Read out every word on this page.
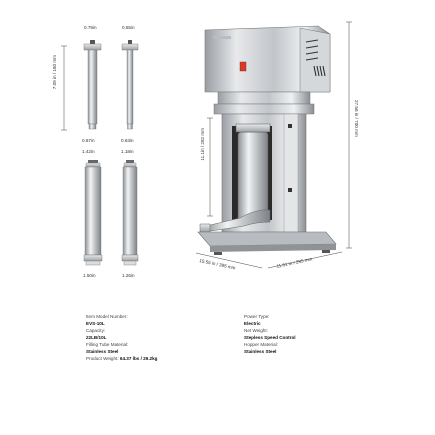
0.79in	0.55in
0.87in	0.63in
1.42in	1.18in
1.50in	1.26in
7.09 in / 180 mm
27.56 in / 700 mm
11.1in / 282 mm
15.55 in / 395 mm	11.61 in / 295 mm
Item Model Number:
EVS-10L
Capacity:
22LB/10L
Filling Tube Material:
Stainless Steel
Product Weight: 64.37 lbs / 29.2kg
Power Type:
Electric
Net Weight:
Stepless Speed Control
Hopper Material:
Stainless Steel
